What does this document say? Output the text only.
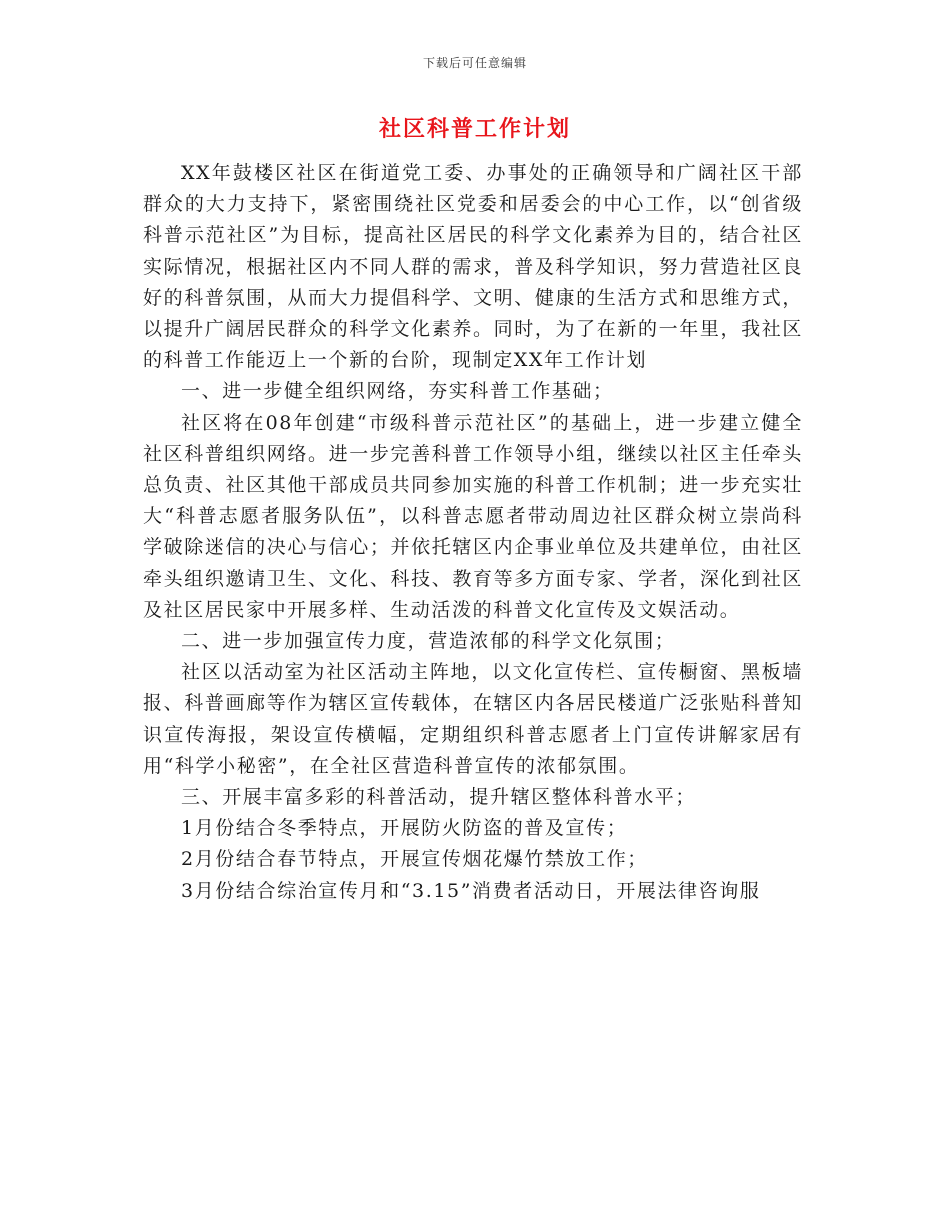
下载后可任意编辑
社区科普工作计划

XX年鼓楼区社区在街道党工委、办事处的正确领导和广阔社区干部群众的大力支持下，紧密围绕社区党委和居委会的中心工作，以“创省级科普示范社区”为目标，提高社区居民的科学文化素养为目的，结合社区实际情况，根据社区内不同人群的需求，普及科学知识，努力营造社区良好的科普氛围，从而大力提倡科学、文明、健康的生活方式和思维方式，以提升广阔居民群众的科学文化素养。同时，为了在新的一年里，我社区的科普工作能迈上一个新的台阶，现制定XX年工作计划

一、进一步健全组织网络，夯实科普工作基础；

社区将在08年创建“市级科普示范社区”的基础上，进一步建立健全社区科普组织网络。进一步完善科普工作领导小组，继续以社区主任牵头总负责、社区其他干部成员共同参加实施的科普工作机制；进一步充实壮大“科普志愿者服务队伍”，以科普志愿者带动周边社区群众树立崇尚科学破除迷信的决心与信心；并依托辖区内企事业单位及共建单位，由社区牵头组织邀请卫生、文化、科技、教育等多方面专家、学者，深化到社区及社区居民家中开展多样、生动活泼的科普文化宣传及文娱活动。

二、进一步加强宣传力度，营造浓郁的科学文化氛围；

社区以活动室为社区活动主阵地，以文化宣传栏、宣传橱窗、黑板墙报、科普画廊等作为辖区宣传载体，在辖区内各居民楼道广泛张贴科普知识宣传海报，架设宣传横幅，定期组织科普志愿者上门宣传讲解家居有用“科学小秘密”，在全社区营造科普宣传的浓郁氛围。

三、开展丰富多彩的科普活动，提升辖区整体科普水平；

1月份结合冬季特点，开展防火防盗的普及宣传；

2月份结合春节特点，开展宣传烟花爆竹禁放工作；

3月份结合综治宣传月和“3.15”消费者活动日，开展法律咨询服
